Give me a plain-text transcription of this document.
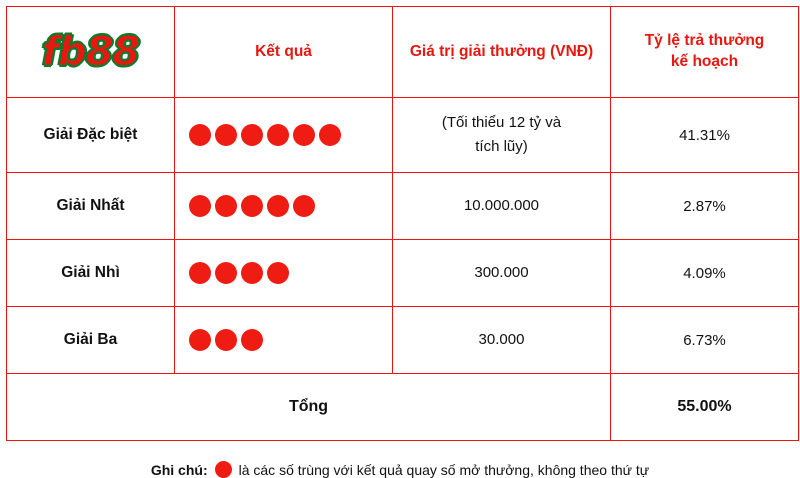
fb88	Kết quả	Giá trị giải thưởng (VNĐ)	Tỷ lệ trả thưởng
kế hoạch

Giải Đặc biệt		(Tối thiểu 12 tỷ và
tích lũy)	41.31%
Giải Nhất		10.000.000	2.87%
Giải Nhì		300.000	4.09%
Giải Ba		30.000	6.73%
Tổng			55.00%
Ghi chú: là các số trùng với kết quả quay số mở thưởng, không theo thứ tự
